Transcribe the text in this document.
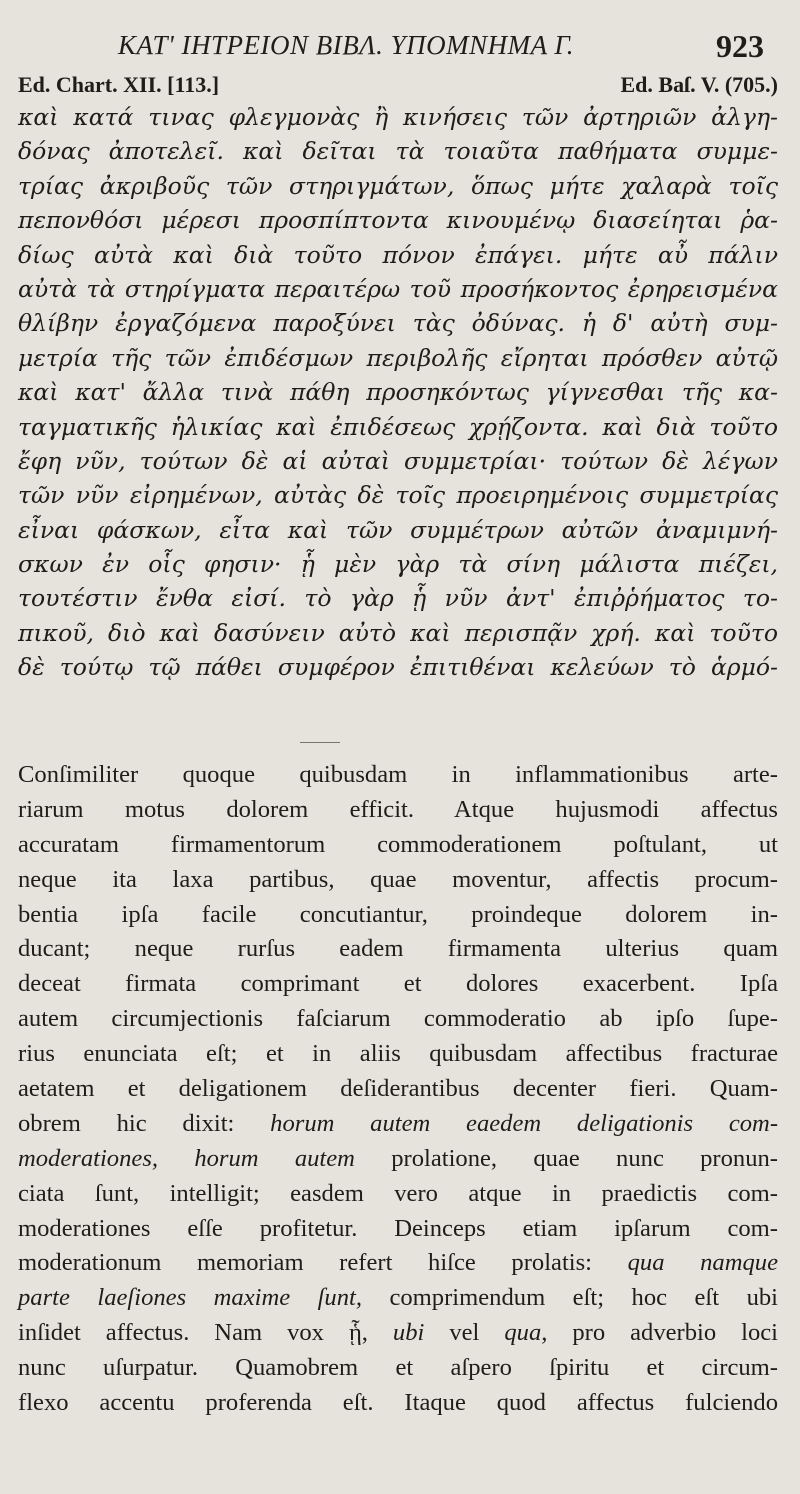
ΚΑΤ' ΙΗΤΡΕΙΟΝ ΒΙΒΛ. ΥΠΟΜΝΗΜΑ Γ.	923
Ed. Chart. XII. [113.]	Ed. Baſ. V. (705.)
καὶ κατά τινας φλεγμονὰς ἢ κινήσεις τῶν ἀρτηριῶν ἀλγη-
δόνας ἀποτελεῖ. καὶ δεῖται τὰ τοιαῦτα παθήματα συμμε-
τρίας ἀκριβοῦς τῶν στηριγμάτων, ὅπως μήτε χαλαρὰ τοῖς
πεπονθόσι μέρεσι προσπίπτοντα κινουμένῳ διασείηται ῥα-
δίως αὐτὰ καὶ διὰ τοῦτο πόνον ἐπάγει. μήτε αὖ πάλιν
αὐτὰ τὰ στηρίγματα περαιτέρω τοῦ προσήκοντος ἐρηρεισμένα
θλίβην ἐργαζόμενα παροξύνει τὰς ὀδύνας. ἡ δ' αὐτὴ συμ-
μετρία τῆς τῶν ἐπιδέσμων περιβολῆς εἴρηται πρόσθεν αὐτῷ
καὶ κατ' ἄλλα τινὰ πάθη προσηκόντως γίγνεσθαι τῆς κα-
ταγματικῆς ἡλικίας καὶ ἐπιδέσεως χρῄζοντα. καὶ διὰ τοῦτο
ἔφη νῦν, τούτων δὲ αἱ αὐταὶ συμμετρίαι· τούτων δὲ λέγων
τῶν νῦν εἰρημένων, αὐτὰς δὲ τοῖς προειρημένοις συμμετρίας
εἶναι φάσκων, εἶτα καὶ τῶν συμμέτρων αὐτῶν ἀναμιμνή-
σκων ἐν οἷς φησιν· ᾗ μὲν γὰρ τὰ σίνη μάλιστα πιέζει,
τουτέστιν ἔνθα εἰσί. τὸ γὰρ ᾗ νῦν ἀντ' ἐπιῤῥήματος το-
πικοῦ, διὸ καὶ δασύνειν αὐτὸ καὶ περισπᾷν χρή. καὶ τοῦτο
δὲ τούτῳ τῷ πάθει συμφέρον ἐπιτιθέναι κελεύων τὸ ἁρμό-
Conſimiliter quoque quibusdam in inflammationibus arte-
riarum motus dolorem efficit. Atque hujusmodi affectus
accuratam firmamentorum commoderationem poſtulant, ut
neque ita laxa partibus, quae moventur, affectis procum-
bentia ipſa facile concutiantur, proindeque dolorem in-
ducant; neque rurſus eadem firmamenta ulterius quam
deceat firmata comprimant et dolores exacerbent. Ipſa
autem circumjectionis faſciarum commoderatio ab ipſo ſupe-
rius enunciata eſt; et in aliis quibusdam affectibus fracturae
aetatem et deligationem deſiderantibus decenter fieri. Quam-
obrem hic dixit: horum autem eaedem deligationis com-
moderationes, horum autem prolatione, quae nunc pronun-
ciata ſunt, intelligit; easdem vero atque in praedictis com-
moderationes eſſe profitetur. Deinceps etiam ipſarum com-
moderationum memoriam refert hiſce prolatis: qua namque
parte laeſiones maxime ſunt, comprimendum eſt; hoc eſt ubi
inſidet affectus. Nam vox ᾗ, ubi vel qua, pro adverbio loci
nunc uſurpatur. Quamobrem et aſpero ſpiritu et circum-
flexo accentu proferenda eſt. Itaque quod affectus fulciendo
